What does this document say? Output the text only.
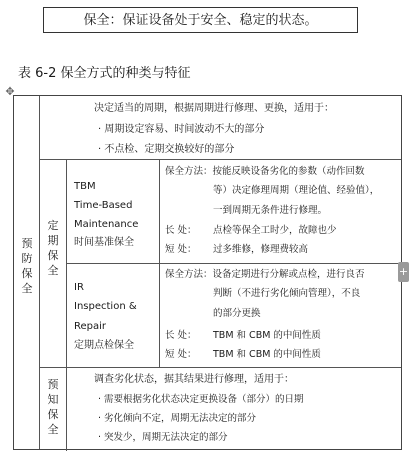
保全：保证设备处于安全、稳定的状态。
表 6-2 保全方式的种类与特征
✥
预防保全
决定适当的周期，根据周期进行修理、更换，适用于：
· 周期设定容易、时间波动不大的部分
· 不点检、定期交换较好的部分
定期保全
TBM
Time-Based
Maintenance
时间基准保全
保全方法：按能反映设备劣化的参数（动作回数
等）决定修理周期（理论值、经验值），
一到周期无条件进行修理。
长 处： 点检等保全工时少，故障也少
短 处： 过多维修，修理费较高
IR
Inspection &
Repair
定期点检保全
保全方法：设备定期进行分解或点检，进行良否
判断（不进行劣化倾向管理），不良
的部分更换
长 处： TBM 和 CBM 的中间性质
短 处： TBM 和 CBM 的中间性质
预知保全
调查劣化状态，据其结果进行修理，适用于：
· 需要根据劣化状态决定更换设备（部分）的日期
· 劣化倾向不定，周期无法决定的部分
· 突发少，周期无法决定的部分
+
